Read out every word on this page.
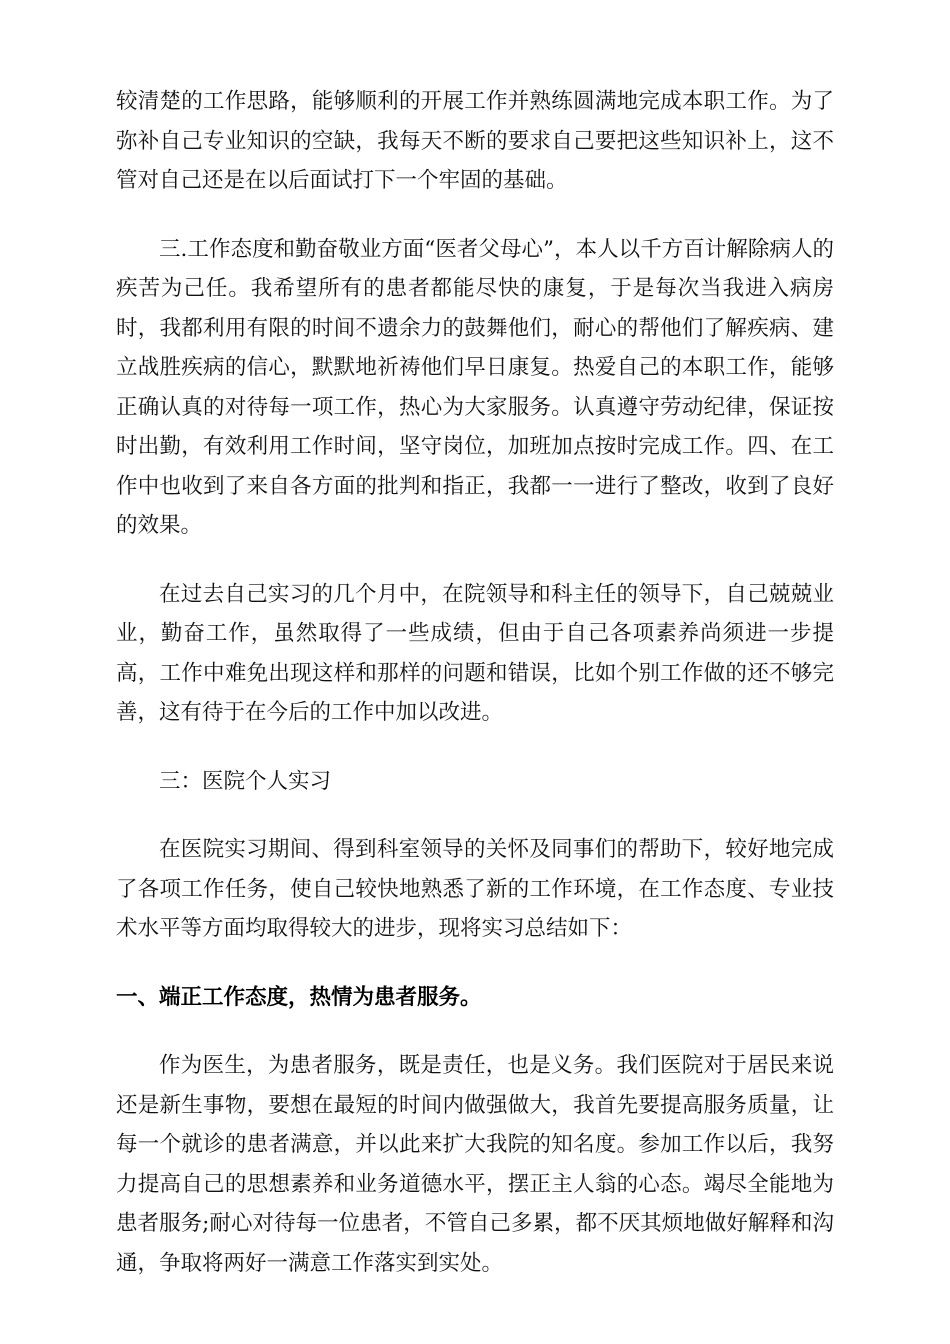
较清楚的工作思路，能够顺利的开展工作并熟练圆满地完成本职工作。为了弥补自己专业知识的空缺，我每天不断的要求自己要把这些知识补上，这不管对自己还是在以后面试打下一个牢固的基础。

三.工作态度和勤奋敬业方面“医者父母心”，本人以千方百计解除病人的疾苦为己任。我希望所有的患者都能尽快的康复，于是每次当我进入病房时，我都利用有限的时间不遗余力的鼓舞他们，耐心的帮他们了解疾病、建立战胜疾病的信心，默默地祈祷他们早日康复。热爱自己的本职工作，能够正确认真的对待每一项工作，热心为大家服务。认真遵守劳动纪律，保证按时出勤，有效利用工作时间，坚守岗位，加班加点按时完成工作。四、在工作中也收到了来自各方面的批判和指正，我都一一进行了整改，收到了良好的效果。

在过去自己实习的几个月中，在院领导和科主任的领导下，自己兢兢业业，勤奋工作，虽然取得了一些成绩，但由于自己各项素养尚须进一步提高，工作中难免出现这样和那样的问题和错误，比如个别工作做的还不够完善，这有待于在今后的工作中加以改进。

三：医院个人实习

在医院实习期间、得到科室领导的关怀及同事们的帮助下，较好地完成了各项工作任务，使自己较快地熟悉了新的工作环境，在工作态度、专业技术水平等方面均取得较大的进步，现将实习总结如下：

一、端正工作态度，热情为患者服务。

作为医生，为患者服务，既是责任，也是义务。我们医院对于居民来说还是新生事物，要想在最短的时间内做强做大，我首先要提高服务质量，让每一个就诊的患者满意，并以此来扩大我院的知名度。参加工作以后，我努力提高自己的思想素养和业务道德水平，摆正主人翁的心态。竭尽全能地为患者服务;耐心对待每一位患者，不管自己多累，都不厌其烦地做好解释和沟通，争取将两好一满意工作落实到实处。
